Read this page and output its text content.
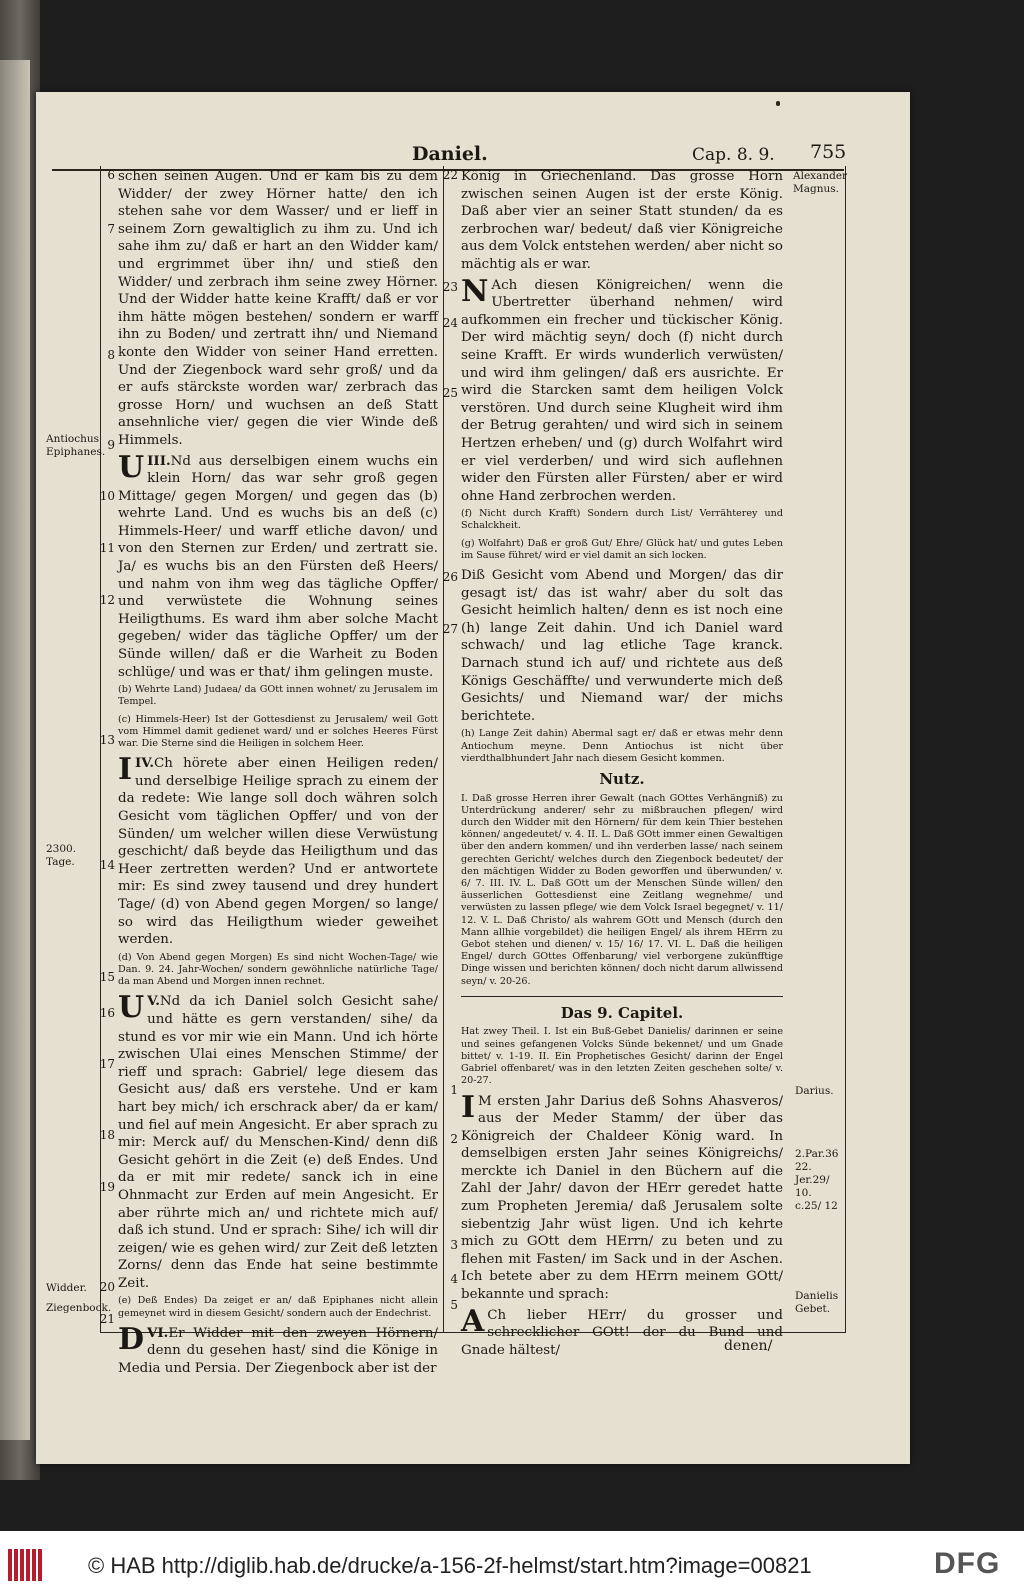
Daniel.	Cap. 8. 9. 755
Antiochus Epiphanes.
2300. Tage.
Widder.
Ziegenbock.
Alexander Magnus.
Darius.
2.Par.36 22. Jer.29/ 10. c.25/ 12
Danielis Gebet.
6
7
8
9
10
11
12
13
14
15
16
17
18
19
20
21
22
23
24
25
26
27
1
2
3
4
5

schen seinen Augen. Und er kam bis zu dem Widder/ der zwey Hörner hatte/ den ich stehen sahe vor dem Wasser/ und er lieff in seinem Zorn gewaltiglich zu ihm zu. Und ich sahe ihm zu/ daß er hart an den Widder kam/ und ergrimmet über ihn/ und stieß den Widder/ und zerbrach ihm seine zwey Hörner. Und der Widder hatte keine Krafft/ daß er vor ihm hätte mögen bestehen/ sondern er warff ihn zu Boden/ und zertratt ihn/ und Niemand konte den Widder von seiner Hand erretten. Und der Ziegenbock ward sehr groß/ und da er aufs stärckste worden war/ zerbrach das grosse Horn/ und wuchsen an deß Statt ansehnliche vier/ gegen die vier Winde deß Himmels.

III.
U Nd aus derselbigen einem wuchs ein klein Horn/ das war sehr groß gegen Mittage/ gegen Morgen/ und gegen das (b) wehrte Land. Und es wuchs bis an deß (c) Himmels-Heer/ und warff etliche davon/ und von den Sternen zur Erden/ und zertratt sie. Ja/ es wuchs bis an den Fürsten deß Heers/ und nahm von ihm weg das tägliche Opffer/ und verwüstete die Wohnung seines Heiligthums. Es ward ihm aber solche Macht gegeben/ wider das tägliche Opffer/ um der Sünde willen/ daß er die Warheit zu Boden schlüge/ und was er that/ ihm gelingen muste.

(b) Wehrte Land) Judaea/ da GOtt innen wohnet/ zu Jerusalem im Tempel.
(c) Himmels-Heer) Ist der Gottesdienst zu Jerusalem/ weil Gott vom Himmel damit gedienet ward/ und er solches Heeres Fürst war. Die Sterne sind die Heiligen in solchem Heer.

IV.
I Ch hörete aber einen Heiligen reden/ und derselbige Heilige sprach zu einem der da redete: Wie lange soll doch währen solch Gesicht vom täglichen Opffer/ und von der Sünden/ um welcher willen diese Verwüstung geschicht/ daß beyde das Heiligthum und das Heer zertretten werden? Und er antwortete mir: Es sind zwey tausend und drey hundert Tage/ (d) von Abend gegen Morgen/ so lange/ so wird das Heiligthum wieder geweihet werden.

(d) Von Abend gegen Morgen) Es sind nicht Wochen-Tage/ wie Dan. 9. 24. Jahr-Wochen/ sondern gewöhnliche natürliche Tage/ da man Abend und Morgen innen rechnet.

V.
U Nd da ich Daniel solch Gesicht sahe/ und hätte es gern verstanden/ sihe/ da stund es vor mir wie ein Mann. Und ich hörte zwischen Ulai eines Menschen Stimme/ der rieff und sprach: Gabriel/ lege diesem das Gesicht aus/ daß ers verstehe. Und er kam hart bey mich/ ich erschrack aber/ da er kam/ und fiel auf mein Angesicht. Er aber sprach zu mir: Merck auf/ du Menschen-Kind/ denn diß Gesicht gehört in die Zeit (e) deß Endes. Und da er mit mir redete/ sanck ich in eine Ohnmacht zur Erden auf mein Angesicht. Er aber rührte mich an/ und richtete mich auf/ daß ich stund. Und er sprach: Sihe/ ich will dir zeigen/ wie es gehen wird/ zur Zeit deß letzten Zorns/ denn das Ende hat seine bestimmte Zeit.

(e) Deß Endes) Da zeiget er an/ daß Epiphanes nicht allein gemeynet wird in diesem Gesicht/ sondern auch der Endechrist.

VI.
D Er Widder mit den zweyen Hörnern/ denn du gesehen hast/ sind die Könige in Media und Persia. Der Ziegenbock aber ist der

König in Griechenland. Das grosse Horn zwischen seinen Augen ist der erste König. Daß aber vier an seiner Statt stunden/ da es zerbrochen war/ bedeut/ daß vier Königreiche aus dem Volck entstehen werden/ aber nicht so mächtig als er war.

N Ach diesen Königreichen/ wenn die Ubertretter überhand nehmen/ wird aufkommen ein frecher und tückischer König. Der wird mächtig seyn/ doch (f) nicht durch seine Krafft. Er wirds wunderlich verwüsten/ und wird ihm gelingen/ daß ers ausrichte. Er wird die Starcken samt dem heiligen Volck verstören. Und durch seine Klugheit wird ihm der Betrug gerahten/ und wird sich in seinem Hertzen erheben/ und (g) durch Wolfahrt wird er viel verderben/ und wird sich auflehnen wider den Fürsten aller Fürsten/ aber er wird ohne Hand zerbrochen werden.

(f) Nicht durch Krafft) Sondern durch List/ Verrähterey und Schalckheit.
(g) Wolfahrt) Daß er groß Gut/ Ehre/ Glück hat/ und gutes Leben im Sause führet/ wird er viel damit an sich locken.

Diß Gesicht vom Abend und Morgen/ das dir gesagt ist/ das ist wahr/ aber du solt das Gesicht heimlich halten/ denn es ist noch eine (h) lange Zeit dahin. Und ich Daniel ward schwach/ und lag etliche Tage kranck. Darnach stund ich auf/ und richtete aus deß Königs Geschäffte/ und verwunderte mich deß Gesichts/ und Niemand war/ der michs berichtete.

(h) Lange Zeit dahin) Abermal sagt er/ daß er etwas mehr denn Antiochum meyne. Denn Antiochus ist nicht über vierdthalbhundert Jahr nach diesem Gesicht kommen.
Nutz.
I. Daß grosse Herren ihrer Gewalt (nach GOttes Verhängniß) zu Unterdrückung anderer/ sehr zu mißbrauchen pflegen/ wird durch den Widder mit den Hörnern/ für dem kein Thier bestehen können/ angedeutet/ v. 4. II. L. Daß GOtt immer einen Gewaltigen über den andern kommen/ und ihn verderben lasse/ nach seinem gerechten Gericht/ welches durch den Ziegenbock bedeutet/ der den mächtigen Widder zu Boden geworffen und überwunden/ v. 6/ 7. III. IV. L. Daß GOtt um der Menschen Sünde willen/ den äusserlichen Gottesdienst eine Zeitlang wegnehme/ und verwüsten zu lassen pflege/ wie dem Volck Israel begegnet/ v. 11/ 12. V. L. Daß Christo/ als wahrem GOtt und Mensch (durch den Mann allhie vorgebildet) die heiligen Engel/ als ihrem HErrn zu Gebot stehen und dienen/ v. 15/ 16/ 17. VI. L. Daß die heiligen Engel/ durch GOttes Offenbarung/ viel verborgene zukünfftige Dinge wissen und berichten können/ doch nicht darum allwissend seyn/ v. 20-26.
Das 9. Capitel.
Hat zwey Theil. I. Ist ein Buß-Gebet Danielis/ darinnen er seine und seines gefangenen Volcks Sünde bekennet/ und um Gnade bittet/ v. 1-19. II. Ein Prophetisches Gesicht/ darinn der Engel Gabriel offenbaret/ was in den letzten Zeiten geschehen solte/ v. 20-27.

I M ersten Jahr Darius deß Sohns Ahasveros/ aus der Meder Stamm/ der über das Königreich der Chaldeer König ward. In demselbigen ersten Jahr seines Königreichs/ merckte ich Daniel in den Büchern auf die Zahl der Jahr/ davon der HErr geredet hatte zum Propheten Jeremia/ daß Jerusalem solte siebentzig Jahr wüst ligen. Und ich kehrte mich zu GOtt dem HErrn/ zu beten und zu flehen mit Fasten/ im Sack und in der Aschen. Ich betete aber zu dem HErrn meinem GOtt/ bekannte und sprach:

A Ch lieber HErr/ du grosser und schrecklicher GOtt! der du Bund und Gnade hältest/	denen/
© HAB http://diglib.hab.de/drucke/a-156-2f-helmst/start.htm?image=00821	DFG
